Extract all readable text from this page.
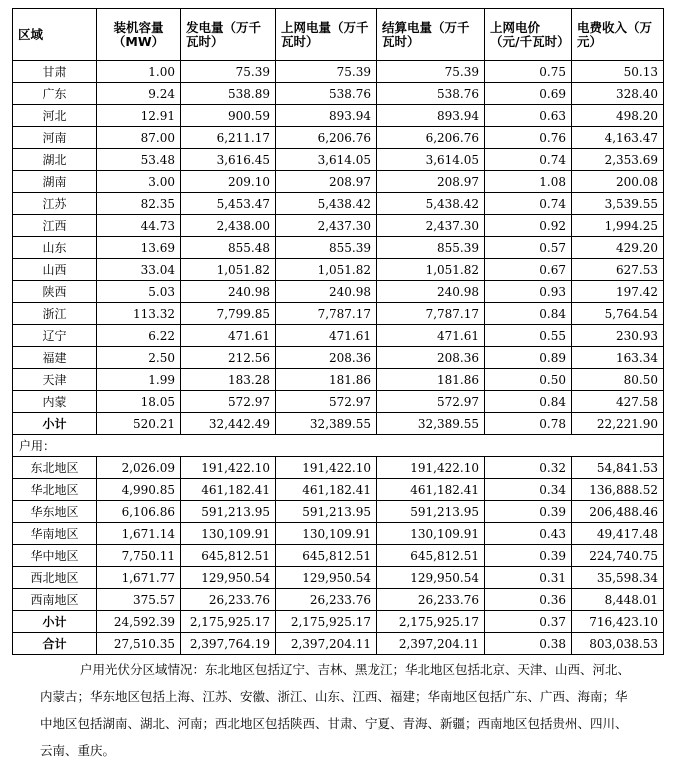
区域	装机容量（MW）	发电量（万千瓦时）	上网电量（万千瓦时）	结算电量（万千瓦时）	上网电价（元/千瓦时）	电费收入（万元）
甘肃	1.00	75.39	75.39	75.39	0.75	50.13
广东	9.24	538.89	538.76	538.76	0.69	328.40
河北	12.91	900.59	893.94	893.94	0.63	498.20
河南	87.00	6,211.17	6,206.76	6,206.76	0.76	4,163.47
湖北	53.48	3,616.45	3,614.05	3,614.05	0.74	2,353.69
湖南	3.00	209.10	208.97	208.97	1.08	200.08
江苏	82.35	5,453.47	5,438.42	5,438.42	0.74	3,539.55
江西	44.73	2,438.00	2,437.30	2,437.30	0.92	1,994.25
山东	13.69	855.48	855.39	855.39	0.57	429.20
山西	33.04	1,051.82	1,051.82	1,051.82	0.67	627.53
陕西	5.03	240.98	240.98	240.98	0.93	197.42
浙江	113.32	7,799.85	7,787.17	7,787.17	0.84	5,764.54
辽宁	6.22	471.61	471.61	471.61	0.55	230.93
福建	2.50	212.56	208.36	208.36	0.89	163.34
天津	1.99	183.28	181.86	181.86	0.50	80.50
内蒙	18.05	572.97	572.97	572.97	0.84	427.58
小计	520.21	32,442.49	32,389.55	32,389.55	0.78	22,221.90
户用：						
东北地区	2,026.09	191,422.10	191,422.10	191,422.10	0.32	54,841.53
华北地区	4,990.85	461,182.41	461,182.41	461,182.41	0.34	136,888.52
华东地区	6,106.86	591,213.95	591,213.95	591,213.95	0.39	206,488.46
华南地区	1,671.14	130,109.91	130,109.91	130,109.91	0.43	49,417.48
华中地区	7,750.11	645,812.51	645,812.51	645,812.51	0.39	224,740.75
西北地区	1,671.77	129,950.54	129,950.54	129,950.54	0.31	35,598.34
西南地区	375.57	26,233.76	26,233.76	26,233.76	0.36	8,448.01
小计	24,592.39	2,175,925.17	2,175,925.17	2,175,925.17	0.37	716,423.10
合计	27,510.35	2,397,764.19	2,397,204.11	2,397,204.11	0.38	803,038.53

户用光伏分区域情况：东北地区包括辽宁、吉林、黑龙江；华北地区包括北京、天津、山西、河北、内蒙古；华东地区包括上海、江苏、安徽、浙江、山东、江西、福建；华南地区包括广东、广西、海南；华中地区包括湖南、湖北、河南；西北地区包括陕西、甘肃、宁夏、青海、新疆；西南地区包括贵州、四川、云南、重庆。
